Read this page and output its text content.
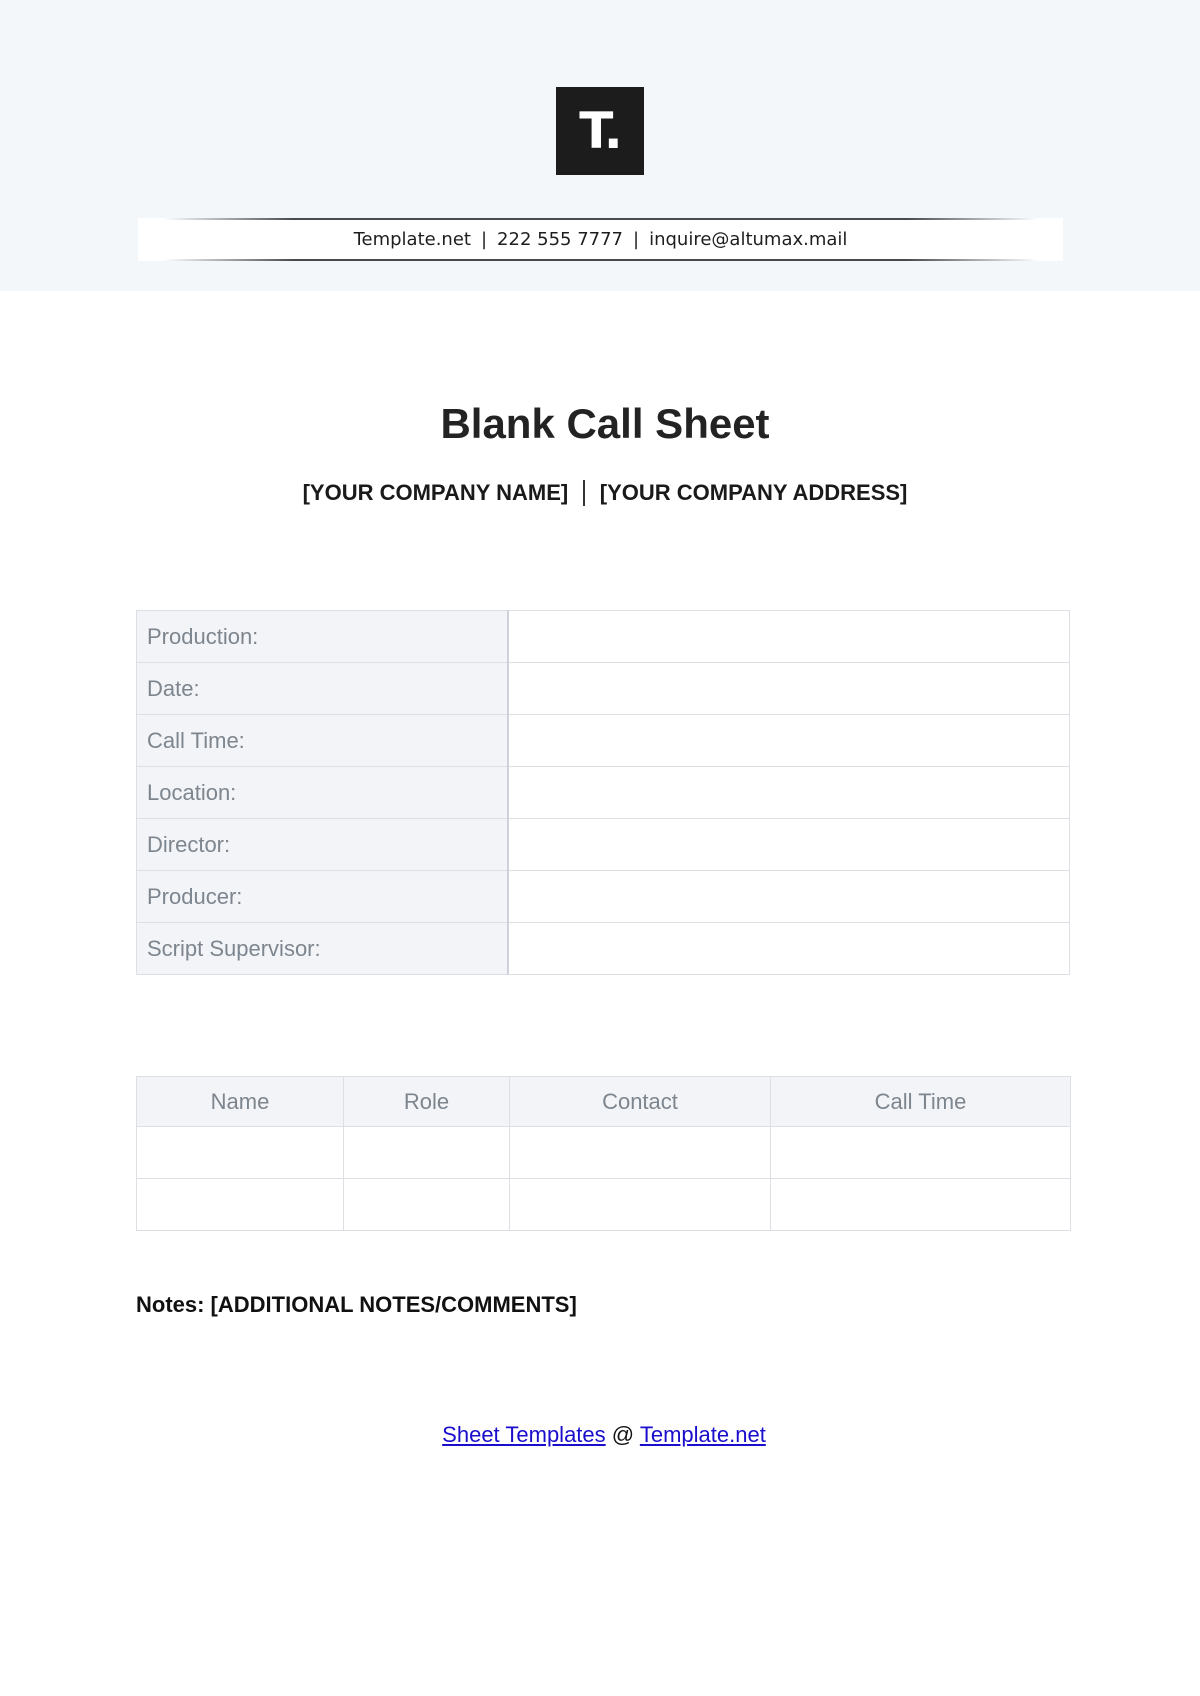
T.
Template.net | 222 555 7777 | inquire@altumax.mail
Blank Call Sheet
[YOUR COMPANY NAME] [YOUR COMPANY ADDRESS]
Production:	
Date:	
Call Time:	
Location:	
Director:	
Producer:	
Script Supervisor:	
Name	Role	Contact	Call Time

Notes: [ADDITIONAL NOTES/COMMENTS]
Sheet Templates @ Template.net
